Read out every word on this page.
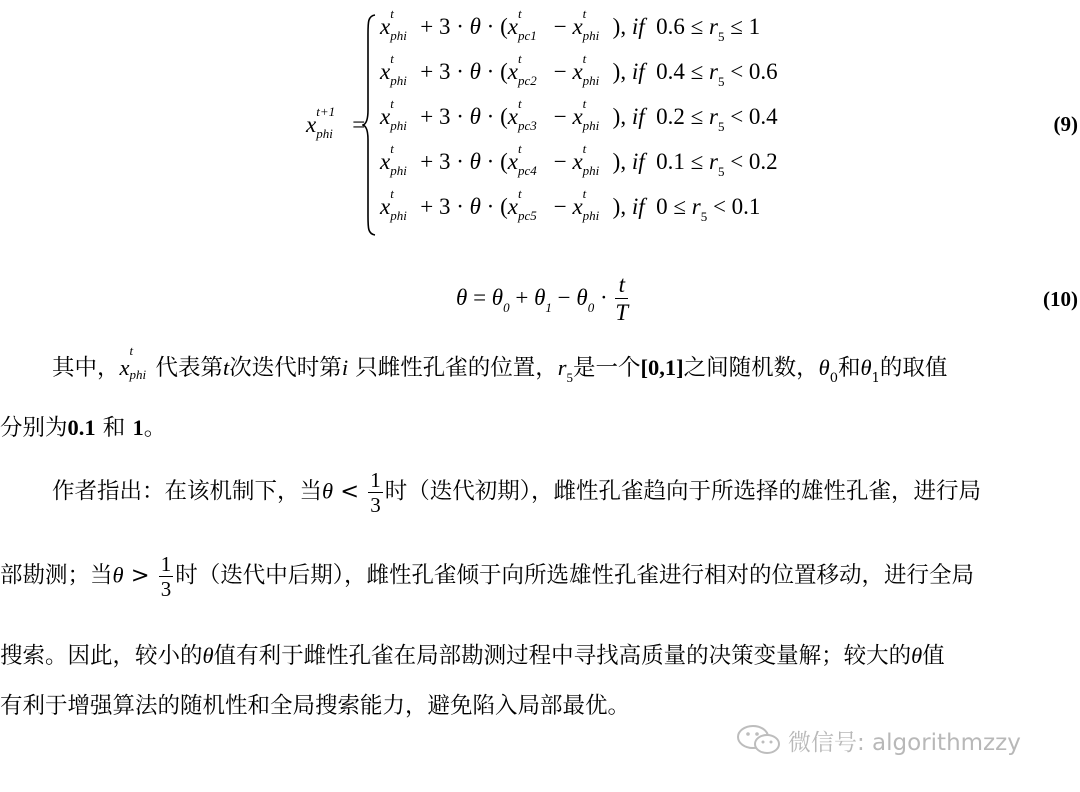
x
t+1
phi =
x
t
phi + 3 · θ · (x
t
pc1 − x
t
phi ), if $0.6 \le r_5 \le 1$
x
t
phi + 3 · θ · (x
t
pc2 − x
t
phi ), if $0.4 \le r_5 < 0.6$
x
t
phi + 3 · θ · (x
t
pc3 − x
t
phi ), if $0.2 \le r_5 < 0.4$
x
t
phi + 3 · θ · (x
t
pc4 − x
t
phi ), if $0.1 \le r_5 < 0.2$
x
t
phi + 3 · θ · (x
t
pc5 − x
t
phi ), if $0 \le r_5 < 0.1$
(9)
$\theta = \theta_0 + \theta_1 - \theta_0 \cdot \frac{t}{T}$	(10)
其中，x
t
phi 代表第t次迭代时第i 只雌性孔雀的位置，$r_5$是一个[0,1]之间随机数，$\theta_0$和$\theta_1$的取值
分别为0.1 和 1。
作者指出：在该机制下，当$\theta < \frac{1}{3}$ 时（迭代初期），雌性孔雀趋向于所选择的雄性孔雀，进行局
部勘测；当$\theta > \frac{1}{3}$ 时（迭代中后期），雌性孔雀倾于向所选雄性孔雀进行相对的位置移动，进行全局
搜索。因此，较小的θ值有利于雌性孔雀在局部勘测过程中寻找高质量的决策变量解；较大的θ值
有利于增强算法的随机性和全局搜索能力，避免陷入局部最优。
微信号: algorithmzzy
